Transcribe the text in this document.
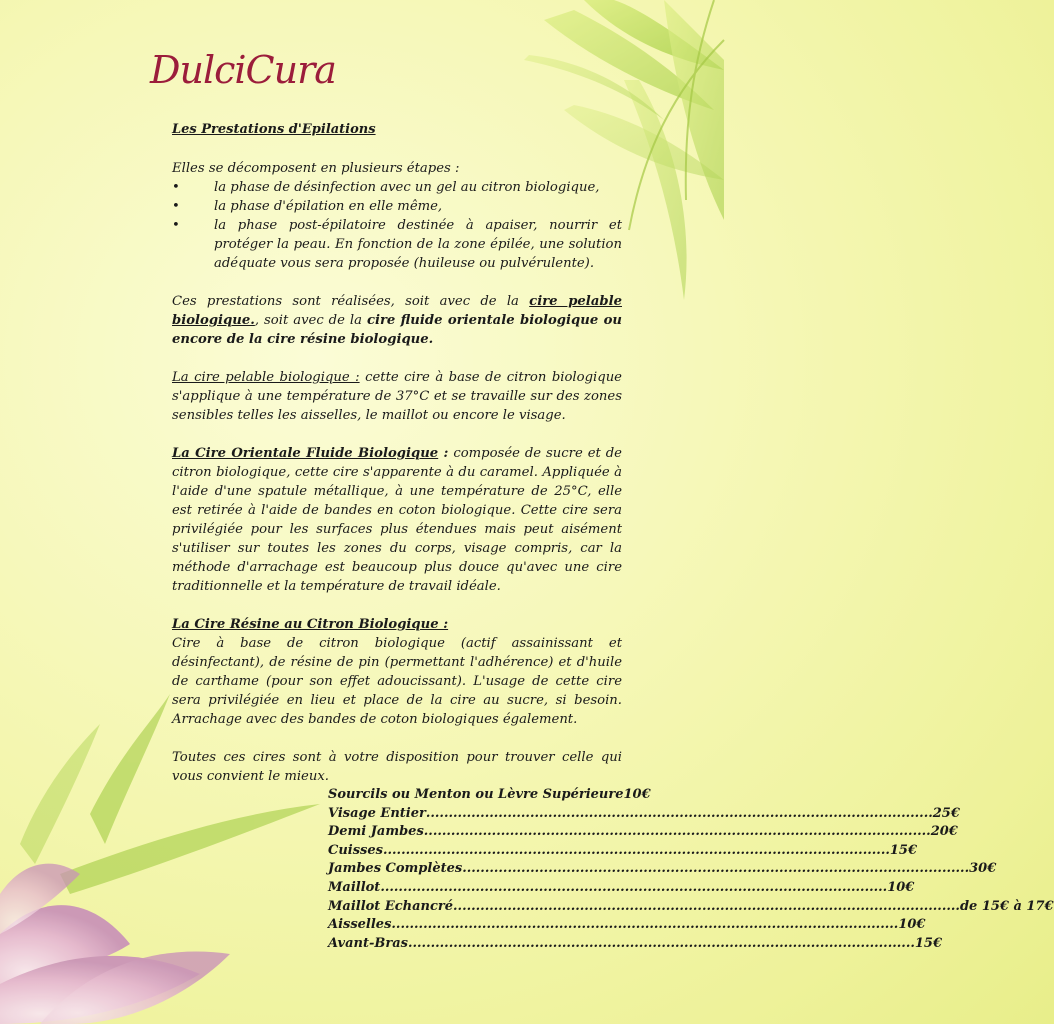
DulciCura
Les Prestations d'Epilations

Elles se décomposent en plusieurs étapes :

•	la phase de désinfection avec un gel au citron biologique,
•	la phase d'épilation en elle même,
•	la phase post-épilatoire destinée à apaiser, nourrir et protéger la peau. En fonction de la zone épilée, une solution adéquate vous sera proposée (huileuse ou pulvérulente).

Ces prestations sont réalisées, soit avec de la cire pelable biologique., soit avec de la cire fluide orientale biologique ou encore de la cire résine biologique.

La cire pelable biologique : cette cire à base de citron biologique s'applique à une température de 37°C et se travaille sur des zones sensibles telles les aisselles, le maillot ou encore le visage.

La Cire Orientale Fluide Biologique : composée de sucre et de citron biologique, cette cire s'apparente à du caramel. Appliquée à l'aide d'une spatule métallique, à une température de 25°C, elle est retirée à l'aide de bandes en coton biologique. Cette cire sera privilégiée pour les surfaces plus étendues mais peut aisément s'utiliser sur toutes les zones du corps, visage compris, car la méthode d'arrachage est beaucoup plus douce qu'avec une cire traditionnelle et la température de travail idéale.

La Cire Résine au Citron Biologique :

Cire à base de citron biologique (actif assainissant et désinfectant), de résine de pin (permettant l'adhérence) et d'huile de carthame (pour son effet adoucissant). L'usage de cette cire sera privilégiée en lieu et place de la cire au sucre, si besoin. Arrachage avec des bandes de coton biologiques également.

Toutes ces cires sont à votre disposition pour trouver celle qui vous convient le mieux.

Sourcils ou Menton ou Lèvre Supérieure 10€
Visage Entier .....	25€
Demi Jambes .....	20€
Cuisses .....	15€
Jambes Complètes .....	30€
Maillot .....	10€
Maillot Echancré .....	de 15€ à 17€
Aisselles .....	10€
Avant-Bras .....	15€
